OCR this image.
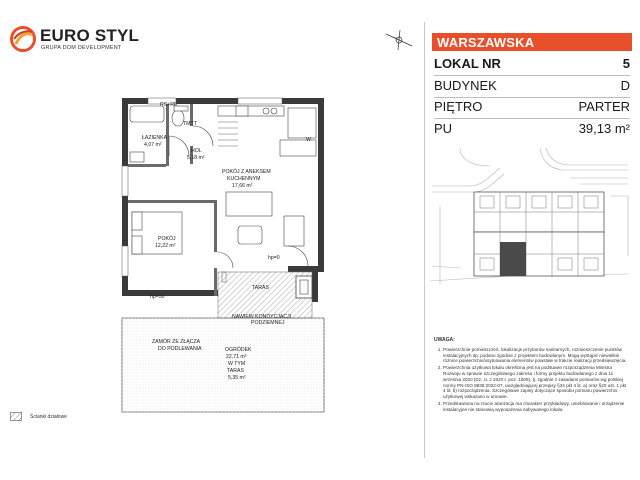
EURO STYL
GRUPA DOM DEVELOPMENT	WARSZAWSKA
LOKAL NR	5
BUDYNEK	D
PIĘTRO	PARTER
PU	39,13 m²
UWAGA:
1. Powierzchnie pomieszczeń, lokalizacje przyborów sanitarnych, rozmieszczenie punktów instalacyjnych itp. podano zgodnie z projektem budowlanym. Mogą wystąpić niewielkie różnice powierzchni/usytuowania elementów powstałe w trakcie realizacji przedsięwzięcia.
2. Powierzchnia użytkowa lokalu określona jest na podstawie rozporządzenia Ministra Rozwoju w sprawie szczegółowego zakresu i formy projektu budowlanego z dnia 11 września 2020 (Dz. U. z 2020 r. poz. 1609), tj. zgodnie z zasadami pomiarów wg polskiej normy PN-ISO 9836:2022-07, uwzględniającej przepisy §34 pkt 4 lit. a) oraz §20 ust. 1 pkt 4 lit. b) rozporządzenia. Szczegółowe zapisy dotyczące sposobu pomiaru powierzchni użytkowej wskazano w umowie.
3. Przedstawiona na rzucie aranżacja ma charakter przykładowy, umeblowanie i urządzenie instalacyjne nie stanowią wyposażenia nabywanego lokalu.
Ścianki działowe
ŁAZIENKA
4,07 m²
HOL
5,18 m²
TMTT
RS+RE
W
POKÓJ Z ANEKSEM
KUCHENNYM
17,66 m²
POKÓJ
12,22 m²
hp=0
hp=50
TARAS
NAWIEW KONDYCJACJI
PODZIEMNEJ
ZAMÓR ZE ZŁĄCZA
DO PODLEWANIA	OGRÓDEK
22,71 m²
W TYM
TARAS
5,35 m²
